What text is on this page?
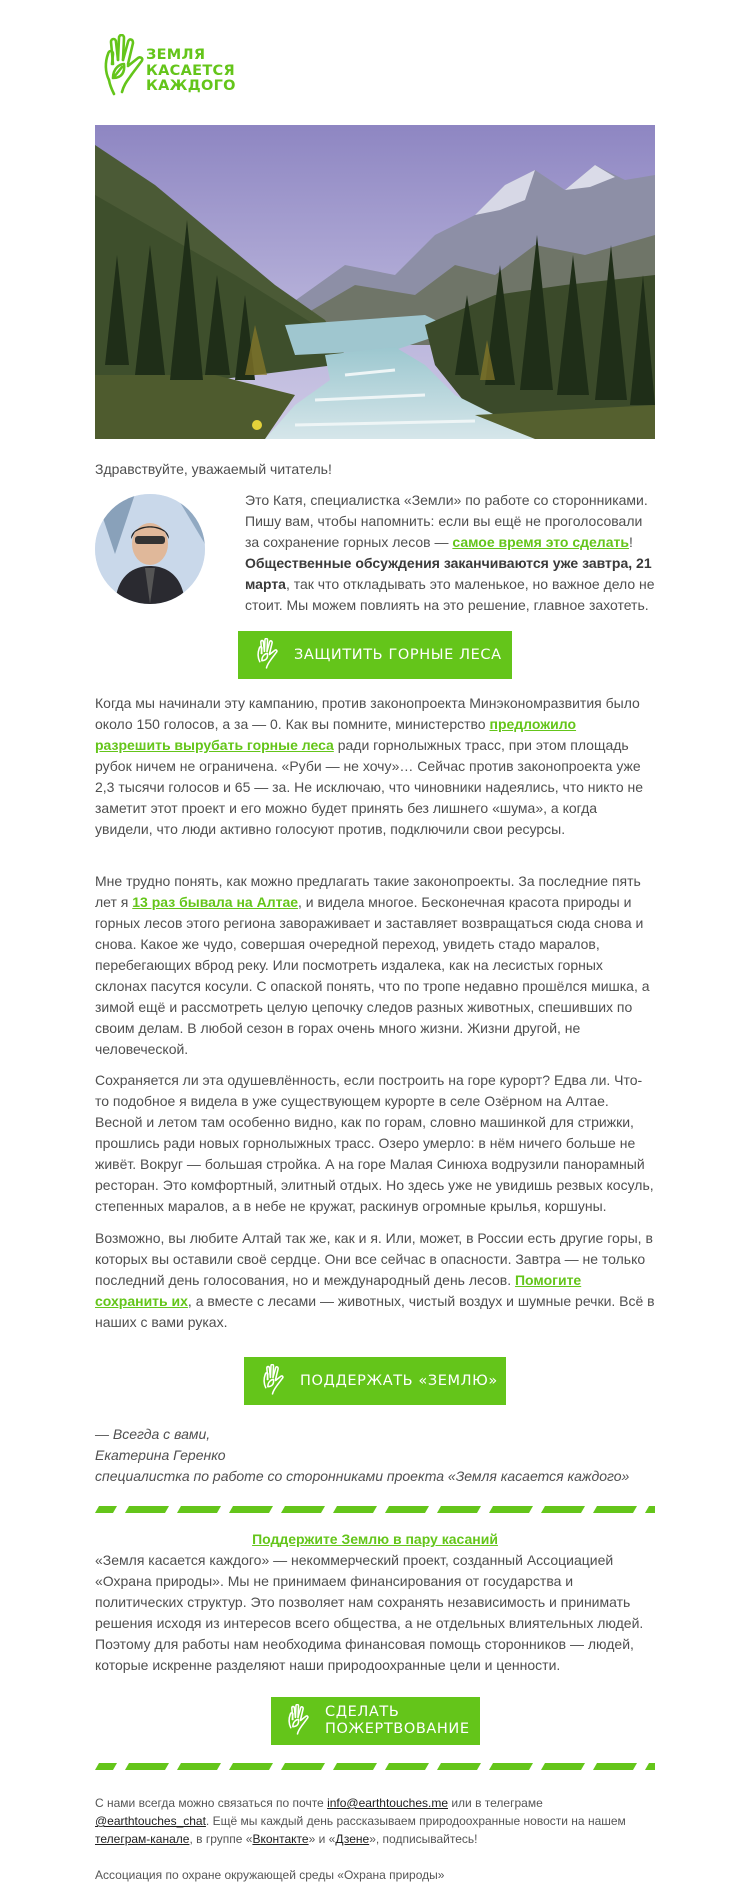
ЗЕМЛЯ
КАСАЕТСЯ
КАЖДОГО
Здравствуйте, уважаемый читатель!

Это Катя, специалистка «Земли» по работе со сторонниками. Пишу вам, чтобы напомнить: если вы ещё не проголосовали за сохранение горных лесов — самое время это сделать! Общественные обсуждения заканчиваются уже завтра, 21 марта, так что откладывать это маленькое, но важное дело не стоит. Мы можем повлиять на это решение, главное захотеть.

ЗАЩИТИТЬ ГОРНЫЕ ЛЕСА

Когда мы начинали эту кампанию, против законопроекта Минэкономразвития было около 150 голосов, а за — 0. Как вы помните, министерство предложило разрешить вырубать горные леса ради горнолыжных трасс, при этом площадь рубок ничем не ограничена. «Руби — не хочу»… Сейчас против законопроекта уже 2,3 тысячи голосов и 65 — за. Не исключаю, что чиновники надеялись, что никто не заметит этот проект и его можно будет принять без лишнего «шума», а когда увидели, что люди активно голосуют против, подключили свои ресурсы.

Мне трудно понять, как можно предлагать такие законопроекты. За последние пять лет я 13 раз бывала на Алтае, и видела многое. Бесконечная красота природы и горных лесов этого региона завораживает и заставляет возвращаться сюда снова и снова. Какое же чудо, совершая очередной переход, увидеть стадо маралов, перебегающих вброд реку. Или посмотреть издалека, как на лесистых горных склонах пасутся косули. С опаской понять, что по тропе недавно прошёлся мишка, а зимой ещё и рассмотреть целую цепочку следов разных животных, спешивших по своим делам. В любой сезон в горах очень много жизни. Жизни другой, не человеческой.

Сохраняется ли эта одушевлённость, если построить на горе курорт? Едва ли. Что-то подобное я видела в уже существующем курорте в селе Озёрном на Алтае. Весной и летом там особенно видно, как по горам, словно машинкой для стрижки, прошлись ради новых горнолыжных трасс. Озеро умерло: в нём ничего больше не живёт. Вокруг — большая стройка. А на горе Малая Синюха водрузили панорамный ресторан. Это комфортный, элитный отдых. Но здесь уже не увидишь резвых косуль, степенных маралов, а в небе не кружат, раскинув огромные крылья, коршуны.

Возможно, вы любите Алтай так же, как и я. Или, может, в России есть другие горы, в которых вы оставили своё сердце. Они все сейчас в опасности. Завтра — не только последний день голосования, но и международный день лесов. Помогите сохранить их, а вместе с лесами — животных, чистый воздух и шумные речки. Всё в наших с вами руках.

ПОДДЕРЖАТЬ «ЗЕМЛЮ»
— Всегда с вами,
Екатерина Геренко
специалистка по работе со сторонниками проекта «Земля касается каждого»
Поддержите Землю в пару касаний
«Земля касается каждого» — некоммерческий проект, созданный Ассоциацией «Охрана природы». Мы не принимаем финансирования от государства и политических структур. Это позволяет нам сохранять независимость и принимать решения исходя из интересов всего общества, а не отдельных влиятельных людей. Поэтому для работы нам необходима финансовая помощь сторонников — людей, которые искренне разделяют наши природоохранные цели и ценности.
СДЕЛАТЬ
ПОЖЕРТВОВАНИЕ
С нами всегда можно связаться по почте info@earthtouches.me или в телеграме @earthtouches_chat. Ещё мы каждый день рассказываем природоохранные новости на нашем телеграм-канале, в группе «Вконтакте» и «Дзене», подписывайтесь!
Ассоциация по охране окружающей среды «Охрана природы»
